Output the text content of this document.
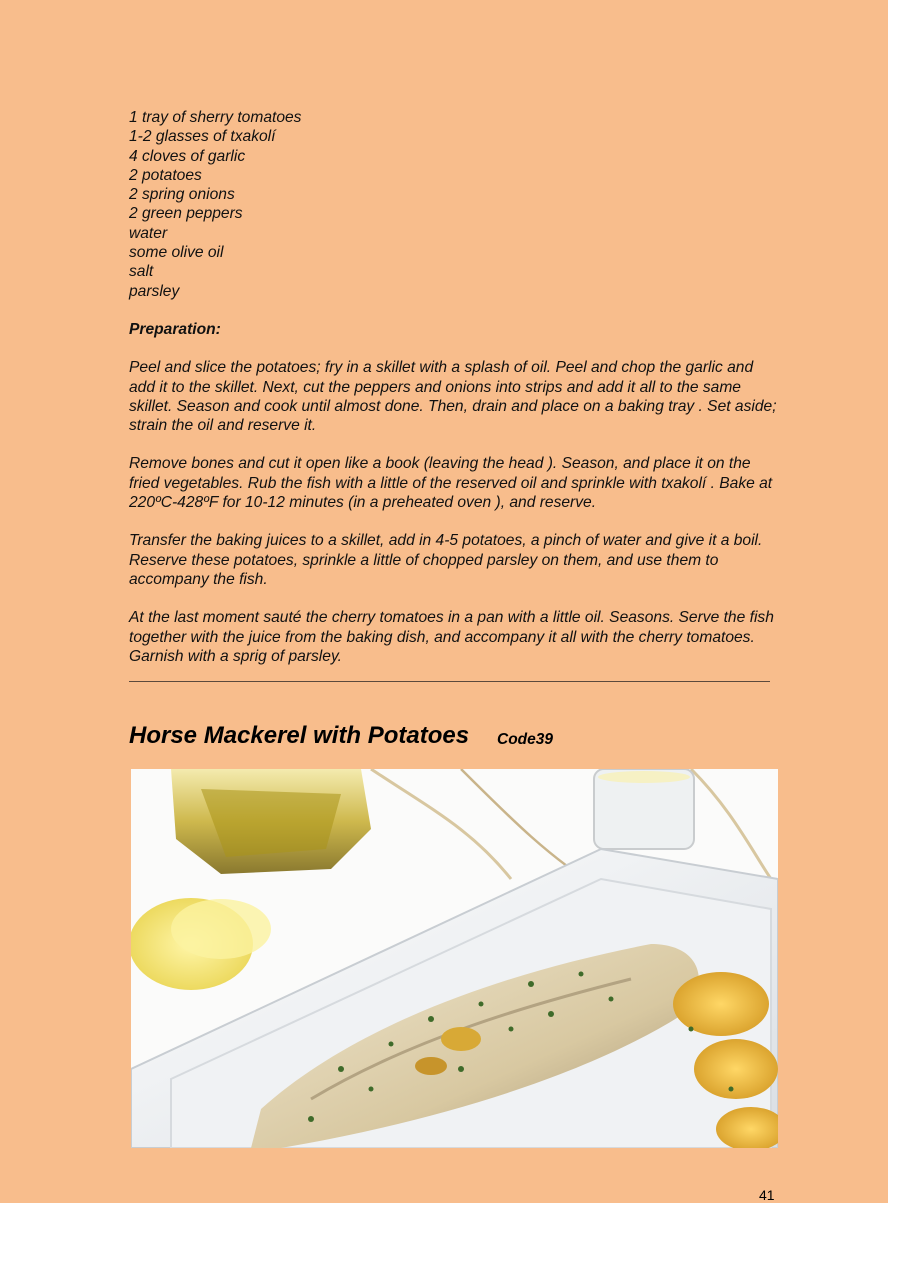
1 tray of sherry tomatoes
1-2 glasses of txakolí
4 cloves of garlic
2 potatoes
2 spring onions
2 green peppers
water
some olive oil
salt
parsley
Preparation:

Peel and slice the potatoes; fry in a skillet with a splash of oil. Peel and chop the garlic and add it to the skillet. Next, cut the peppers and onions into strips and add it all to the same skillet. Season and cook until almost done. Then, drain and place on a baking tray . Set aside; strain the oil and reserve it.

Remove bones and cut it open like a book (leaving the head ). Season, and place it on the fried vegetables. Rub the fish with a little of the reserved oil and sprinkle with txakolí . Bake at 220ºC-428ºF for 10-12 minutes (in a preheated oven ), and reserve.

Transfer the baking juices to a skillet, add in 4-5 potatoes, a pinch of water and give it a boil. Reserve these potatoes, sprinkle a little of chopped parsley on them, and use them to accompany the fish.

At the last moment sauté the cherry tomatoes in a pan with a little oil. Seasons. Serve the fish together with the juice from the baking dish, and accompany it all with the cherry tomatoes. Garnish with a sprig of parsley.

Horse Mackerel with Potatoes Code39
41
